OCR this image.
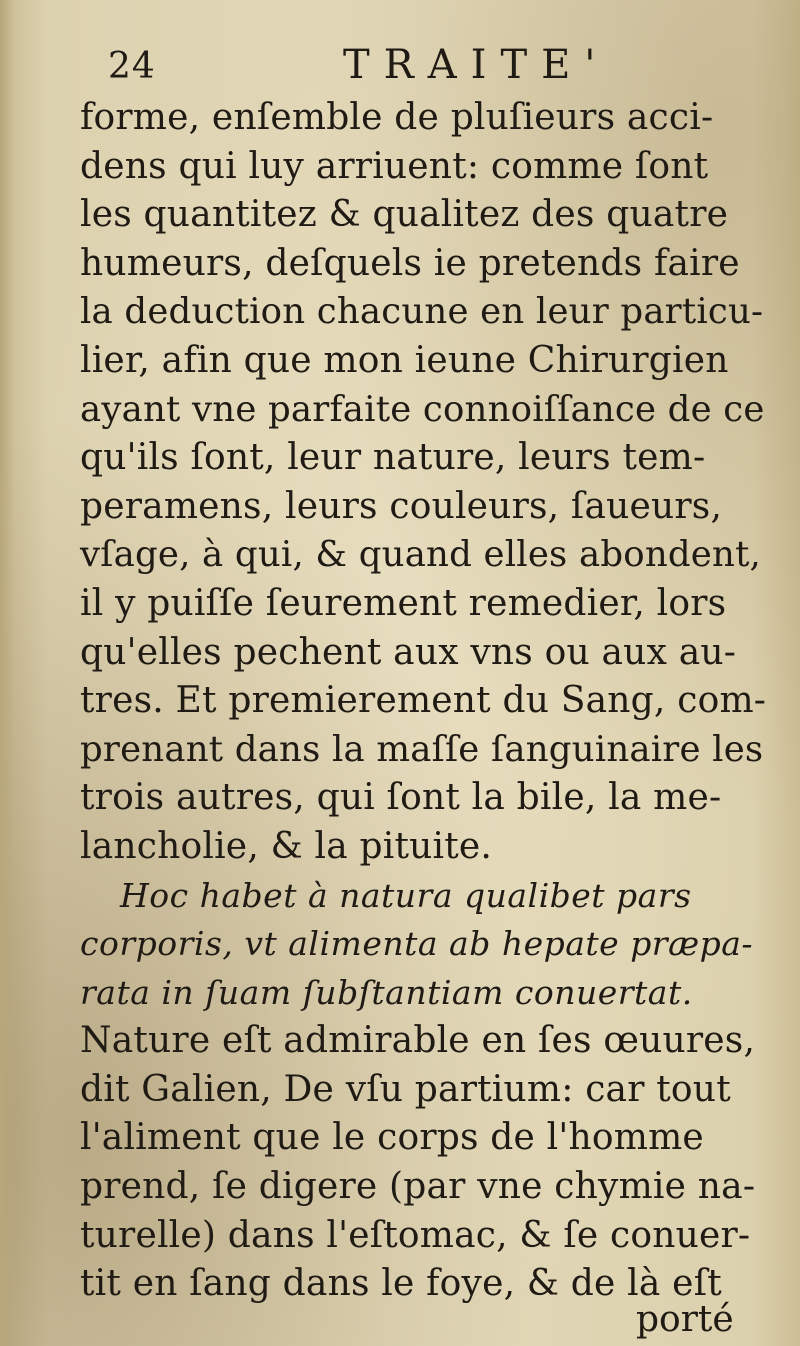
24	TRAITE'
forme, enſemble de pluſieurs acci-
dens qui luy arriuent: comme ſont
les quantitez & qualitez des quatre
humeurs, deſquels ie pretends faire
la deduction chacune en leur particu-
lier, afin que mon ieune Chirurgien
ayant vne parfaite connoiſſance de ce
qu'ils ſont, leur nature, leurs tem-
peramens, leurs couleurs, ſaueurs,
vſage, à qui, & quand elles abondent,
il y puiſſe ſeurement remedier, lors
qu'elles pechent aux vns ou aux au-
tres. Et premierement du Sang, com-
prenant dans la maſſe ſanguinaire les
trois autres, qui ſont la bile, la me-
lancholie, & la pituite.
Hoc habet à natura qualibet pars
corporis, vt alimenta ab hepate præpa-
rata in ſuam ſubſtantiam conuertat.
Nature eſt admirable en ſes œuures,
dit Galien, De vſu partium: car tout
l'aliment que le corps de l'homme
prend, ſe digere (par vne chymie na-
turelle) dans l'eſtomac, & ſe conuer-
tit en ſang dans le foye, & de là eſt
porté
